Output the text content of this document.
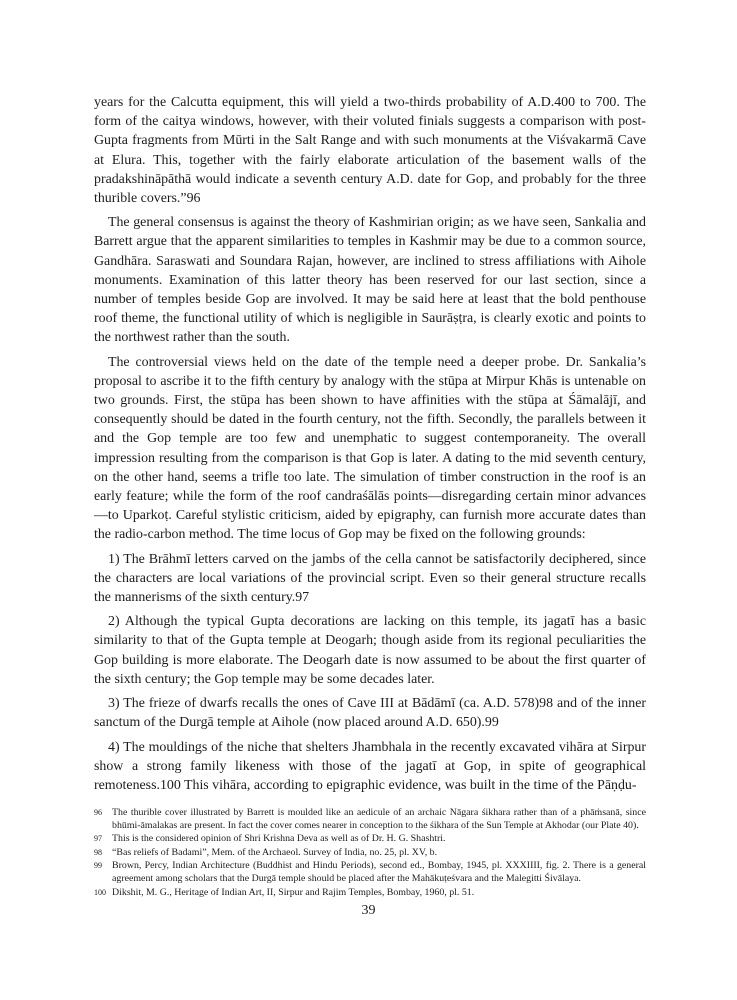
years for the Calcutta equipment, this will yield a two-thirds probability of A.D.400 to 700. The form of the caitya windows, however, with their voluted finials suggests a comparison with post-Gupta fragments from Mūrti in the Salt Range and with such monuments at the Viśvakarmā Cave at Elura. This, together with the fairly elaborate articulation of the basement walls of the pradakshināpāthā would indicate a seventh century A.D. date for Gop, and probably for the three thurible covers.”96

The general consensus is against the theory of Kashmirian origin; as we have seen, Sankalia and Barrett argue that the apparent similarities to temples in Kashmir may be due to a common source, Gandhāra. Saraswati and Soundara Rajan, however, are inclined to stress affiliations with Aihole monuments. Examination of this latter theory has been reserved for our last section, since a number of temples beside Gop are involved. It may be said here at least that the bold penthouse roof theme, the functional utility of which is negligible in Saurāṣṭra, is clearly exotic and points to the northwest rather than the south.

The controversial views held on the date of the temple need a deeper probe. Dr. Sankalia’s proposal to ascribe it to the fifth century by analogy with the stūpa at Mirpur Khās is untenable on two grounds. First, the stūpa has been shown to have affinities with the stūpa at Śāmalājī, and consequently should be dated in the fourth century, not the fifth. Secondly, the parallels between it and the Gop temple are too few and unemphatic to suggest contemporaneity. The overall impression resulting from the comparison is that Gop is later. A dating to the mid seventh century, on the other hand, seems a trifle too late. The simulation of timber construction in the roof is an early feature; while the form of the roof candraśālās points—disregarding certain minor advances—to Uparkoṭ. Careful stylistic criticism, aided by epigraphy, can furnish more accurate dates than the radio-carbon method. The time locus of Gop may be fixed on the following grounds:

1) The Brāhmī letters carved on the jambs of the cella cannot be satisfactorily deciphered, since the characters are local variations of the provincial script. Even so their general structure recalls the mannerisms of the sixth century.97

2) Although the typical Gupta decorations are lacking on this temple, its jagatī has a basic similarity to that of the Gupta temple at Deogarh; though aside from its regional peculiarities the Gop building is more elaborate. The Deogarh date is now assumed to be about the first quarter of the sixth century; the Gop temple may be some decades later.

3) The frieze of dwarfs recalls the ones of Cave III at Bādāmī (ca. A.D. 578)98 and of the inner sanctum of the Durgā temple at Aihole (now placed around A.D. 650).99

4) The mouldings of the niche that shelters Jhambhala in the recently excavated vihāra at Sirpur show a strong family likeness with those of the jagatī at Gop, in spite of geographical remoteness.100 This vihāra, according to epigraphic evidence, was built in the time of the Pāṇḍu-

96 The thurible cover illustrated by Barrett is moulded like an aedicule of an archaic Nāgara śikhara rather than of a phāṁsanā, since bhūmi-āmalakas are present. In fact the cover comes nearer in conception to the śikhara of the Sun Temple at Akhodar (our Plate 40).

97 This is the considered opinion of Shri Krishna Deva as well as of Dr. H. G. Shashtri.

98 “Bas reliefs of Badami”, Mem. of the Archaeol. Survey of India, no. 25, pl. XV, b.

99 Brown, Percy, Indian Architecture (Buddhist and Hindu Periods), second ed., Bombay, 1945, pl. XXXIIII, fig. 2. There is a general agreement among scholars that the Durgā temple should be placed after the Mahākuṭeśvara and the Malegitti Śivālaya.

100 Dikshit, M. G., Heritage of Indian Art, II, Sirpur and Rajim Temples, Bombay, 1960, pl. 51.

39
